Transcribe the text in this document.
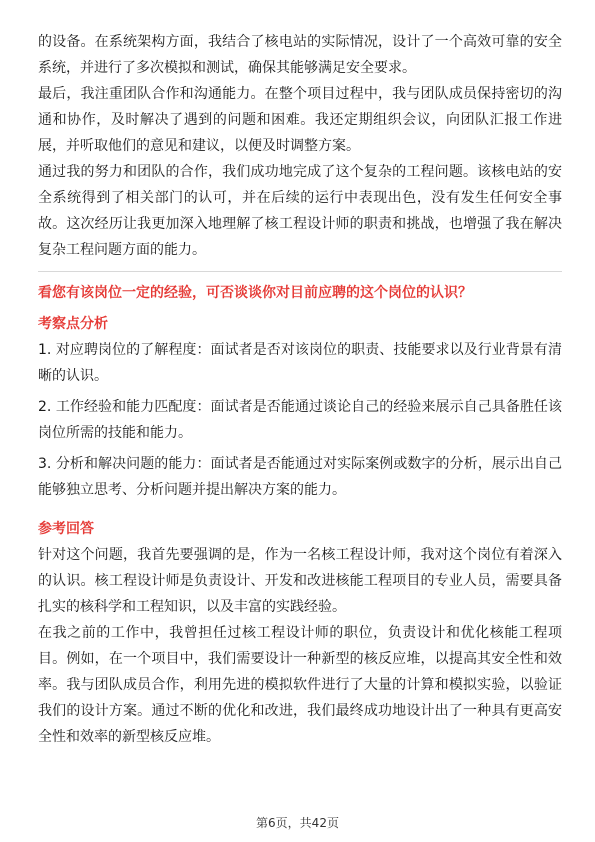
的设备。在系统架构方面，我结合了核电站的实际情况，设计了一个高效可靠的安全系统，并进行了多次模拟和测试，确保其能够满足安全要求。

最后，我注重团队合作和沟通能力。在整个项目过程中，我与团队成员保持密切的沟通和协作，及时解决了遇到的问题和困难。我还定期组织会议，向团队汇报工作进展，并听取他们的意见和建议，以便及时调整方案。

通过我的努力和团队的合作，我们成功地完成了这个复杂的工程问题。该核电站的安全系统得到了相关部门的认可，并在后续的运行中表现出色，没有发生任何安全事故。这次经历让我更加深入地理解了核工程设计师的职责和挑战，也增强了我在解决复杂工程问题方面的能力。

看您有该岗位一定的经验，可否谈谈你对目前应聘的这个岗位的认识？

考察点分析

1. 对应聘岗位的了解程度：面试者是否对该岗位的职责、技能要求以及行业背景有清晰的认识。

2. 工作经验和能力匹配度：面试者是否能通过谈论自己的经验来展示自己具备胜任该岗位所需的技能和能力。

3. 分析和解决问题的能力：面试者是否能通过对实际案例或数字的分析，展示出自己能够独立思考、分析问题并提出解决方案的能力。

参考回答

针对这个问题，我首先要强调的是，作为一名核工程设计师，我对这个岗位有着深入的认识。核工程设计师是负责设计、开发和改进核能工程项目的专业人员，需要具备扎实的核科学和工程知识，以及丰富的实践经验。

在我之前的工作中，我曾担任过核工程设计师的职位，负责设计和优化核能工程项目。例如，在一个项目中，我们需要设计一种新型的核反应堆，以提高其安全性和效率。我与团队成员合作，利用先进的模拟软件进行了大量的计算和模拟实验，以验证我们的设计方案。通过不断的优化和改进，我们最终成功地设计出了一种具有更高安全性和效率的新型核反应堆。

第6页，共42页
